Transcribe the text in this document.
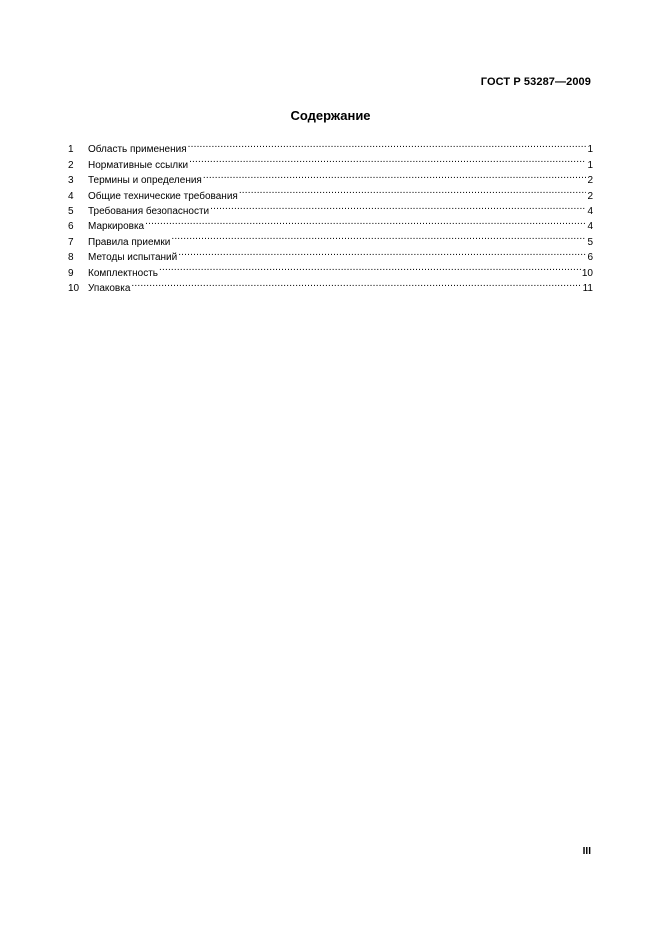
ГОСТ Р 53287—2009
Содержание
1	Область применения .....	1
2	Нормативные ссылки .....	1
3	Термины и определения .....	2
4	Общие технические требования .....	2
5	Требования безопасности .....	4
6	Маркировка .....	4
7	Правила приемки .....	5
8	Методы испытаний .....	6
9	Комплектность .....	10
10 Упаковка .....	11
III
